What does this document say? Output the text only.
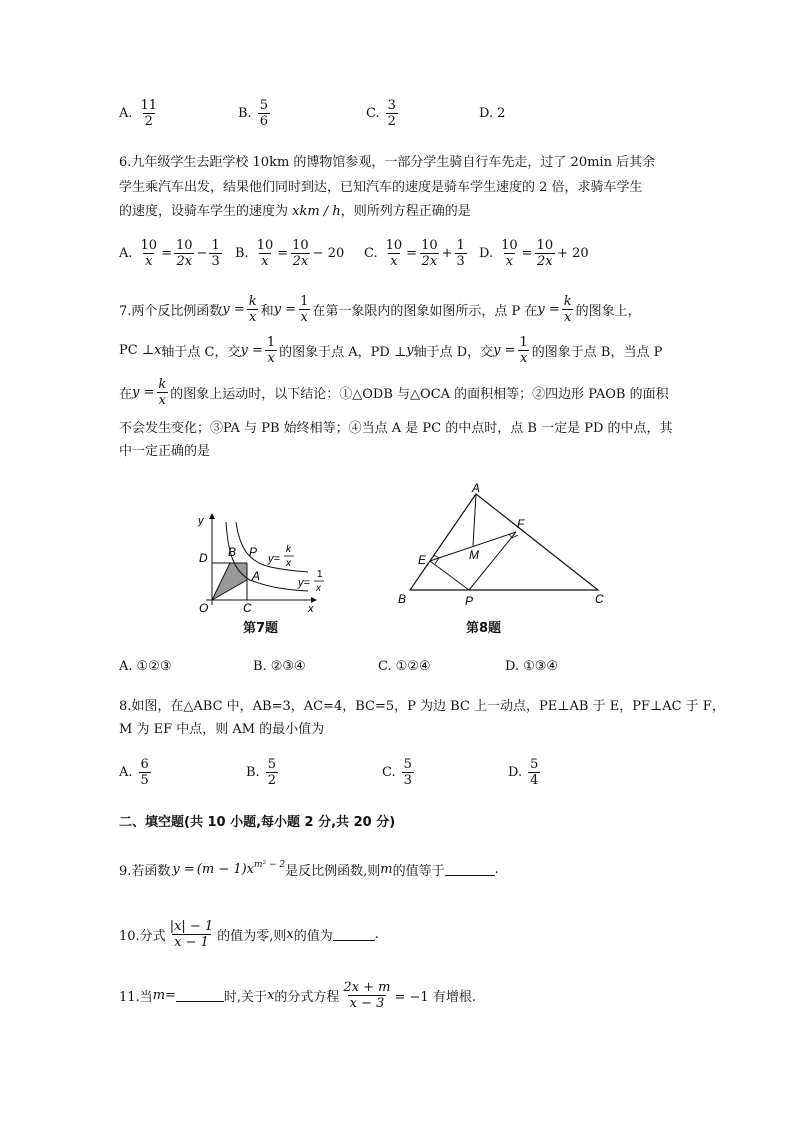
A. $\frac{11}{2}$	B. $\frac{5}{6}$	C. $\frac{3}{2}$	D. 2
6.九年级学生去距学校 10km 的博物馆参观，一部分学生骑自行车先走，过了 20min 后其余
学生乘汽车出发，结果他们同时到达，已知汽车的速度是骑车学生速度的 2 倍，求骑车学生
的速度，设骑车学生的速度为 xkm / h，则所列方程正确的是
A. $\frac{10}{x} = \frac{10}{2x} - \frac{1}{3} B$. $\frac{10}{x} = \frac{10}{2x} - 20$ C. $\frac{10}{x} = \frac{10}{2x} + \frac{1}{3} D$. $\frac{10}{x} = \frac{10}{2x} + 20$
7.两个反比例函数 $y = \frac{k}{x}$ 和 $y = \frac{1}{x}$ 在第一象限内的图象如图所示，点 P 在 $y = \frac{k}{x}$ 的图象上，
PC ⊥ x 轴于点 C，交 $y = \frac{1}{x}$ 的图象于点 A，PD ⊥ y 轴于点 D，交 $y = \frac{1}{x}$ 的图象于点 B，当点 P
在 $y = \frac{k}{x}$ 的图象上运动时，以下结论：①△ODB 与△OCA 的面积相等；②四边形 PAOB 的面积
不会发生变化；③PA 与 PB 始终相等；④当点 A 是 PC 的中点时，点 B 一定是 PD 的中点，其
中一定正确的是
y
x
O	C
D B P
A
y=
k
x
y=
1
x
第7题
A
B	C
P
E
F
M
第8题
A. ①②③	B. ②③④	C. ①②④	D. ①③④
8.如图，在△ABC 中，AB=3，AC=4，BC=5，P 为边 BC 上一动点，PE⊥AB 于 E，PF⊥AC 于 F，
M 为 EF 中点，则 AM 的最小值为
A. $\frac{6}{5}$	B. $\frac{5}{2}$	C. $\frac{5}{3}$	D. $\frac{5}{4}$
二、填空题(共 10 小题,每小题 2 分,共 20 分)
9.若函数 $y = (m - 1)x^{m^2 - 2}$ 是反比例函数,则 m 的值等于	.
10.分式 $\frac{|x| - 1}{x - 1}$ 的值为零,则 x 的值为	.
11.当 m =	时,关于 x 的分式方程 $\frac{2x + m}{x - 3} = -1$ 有增根.
